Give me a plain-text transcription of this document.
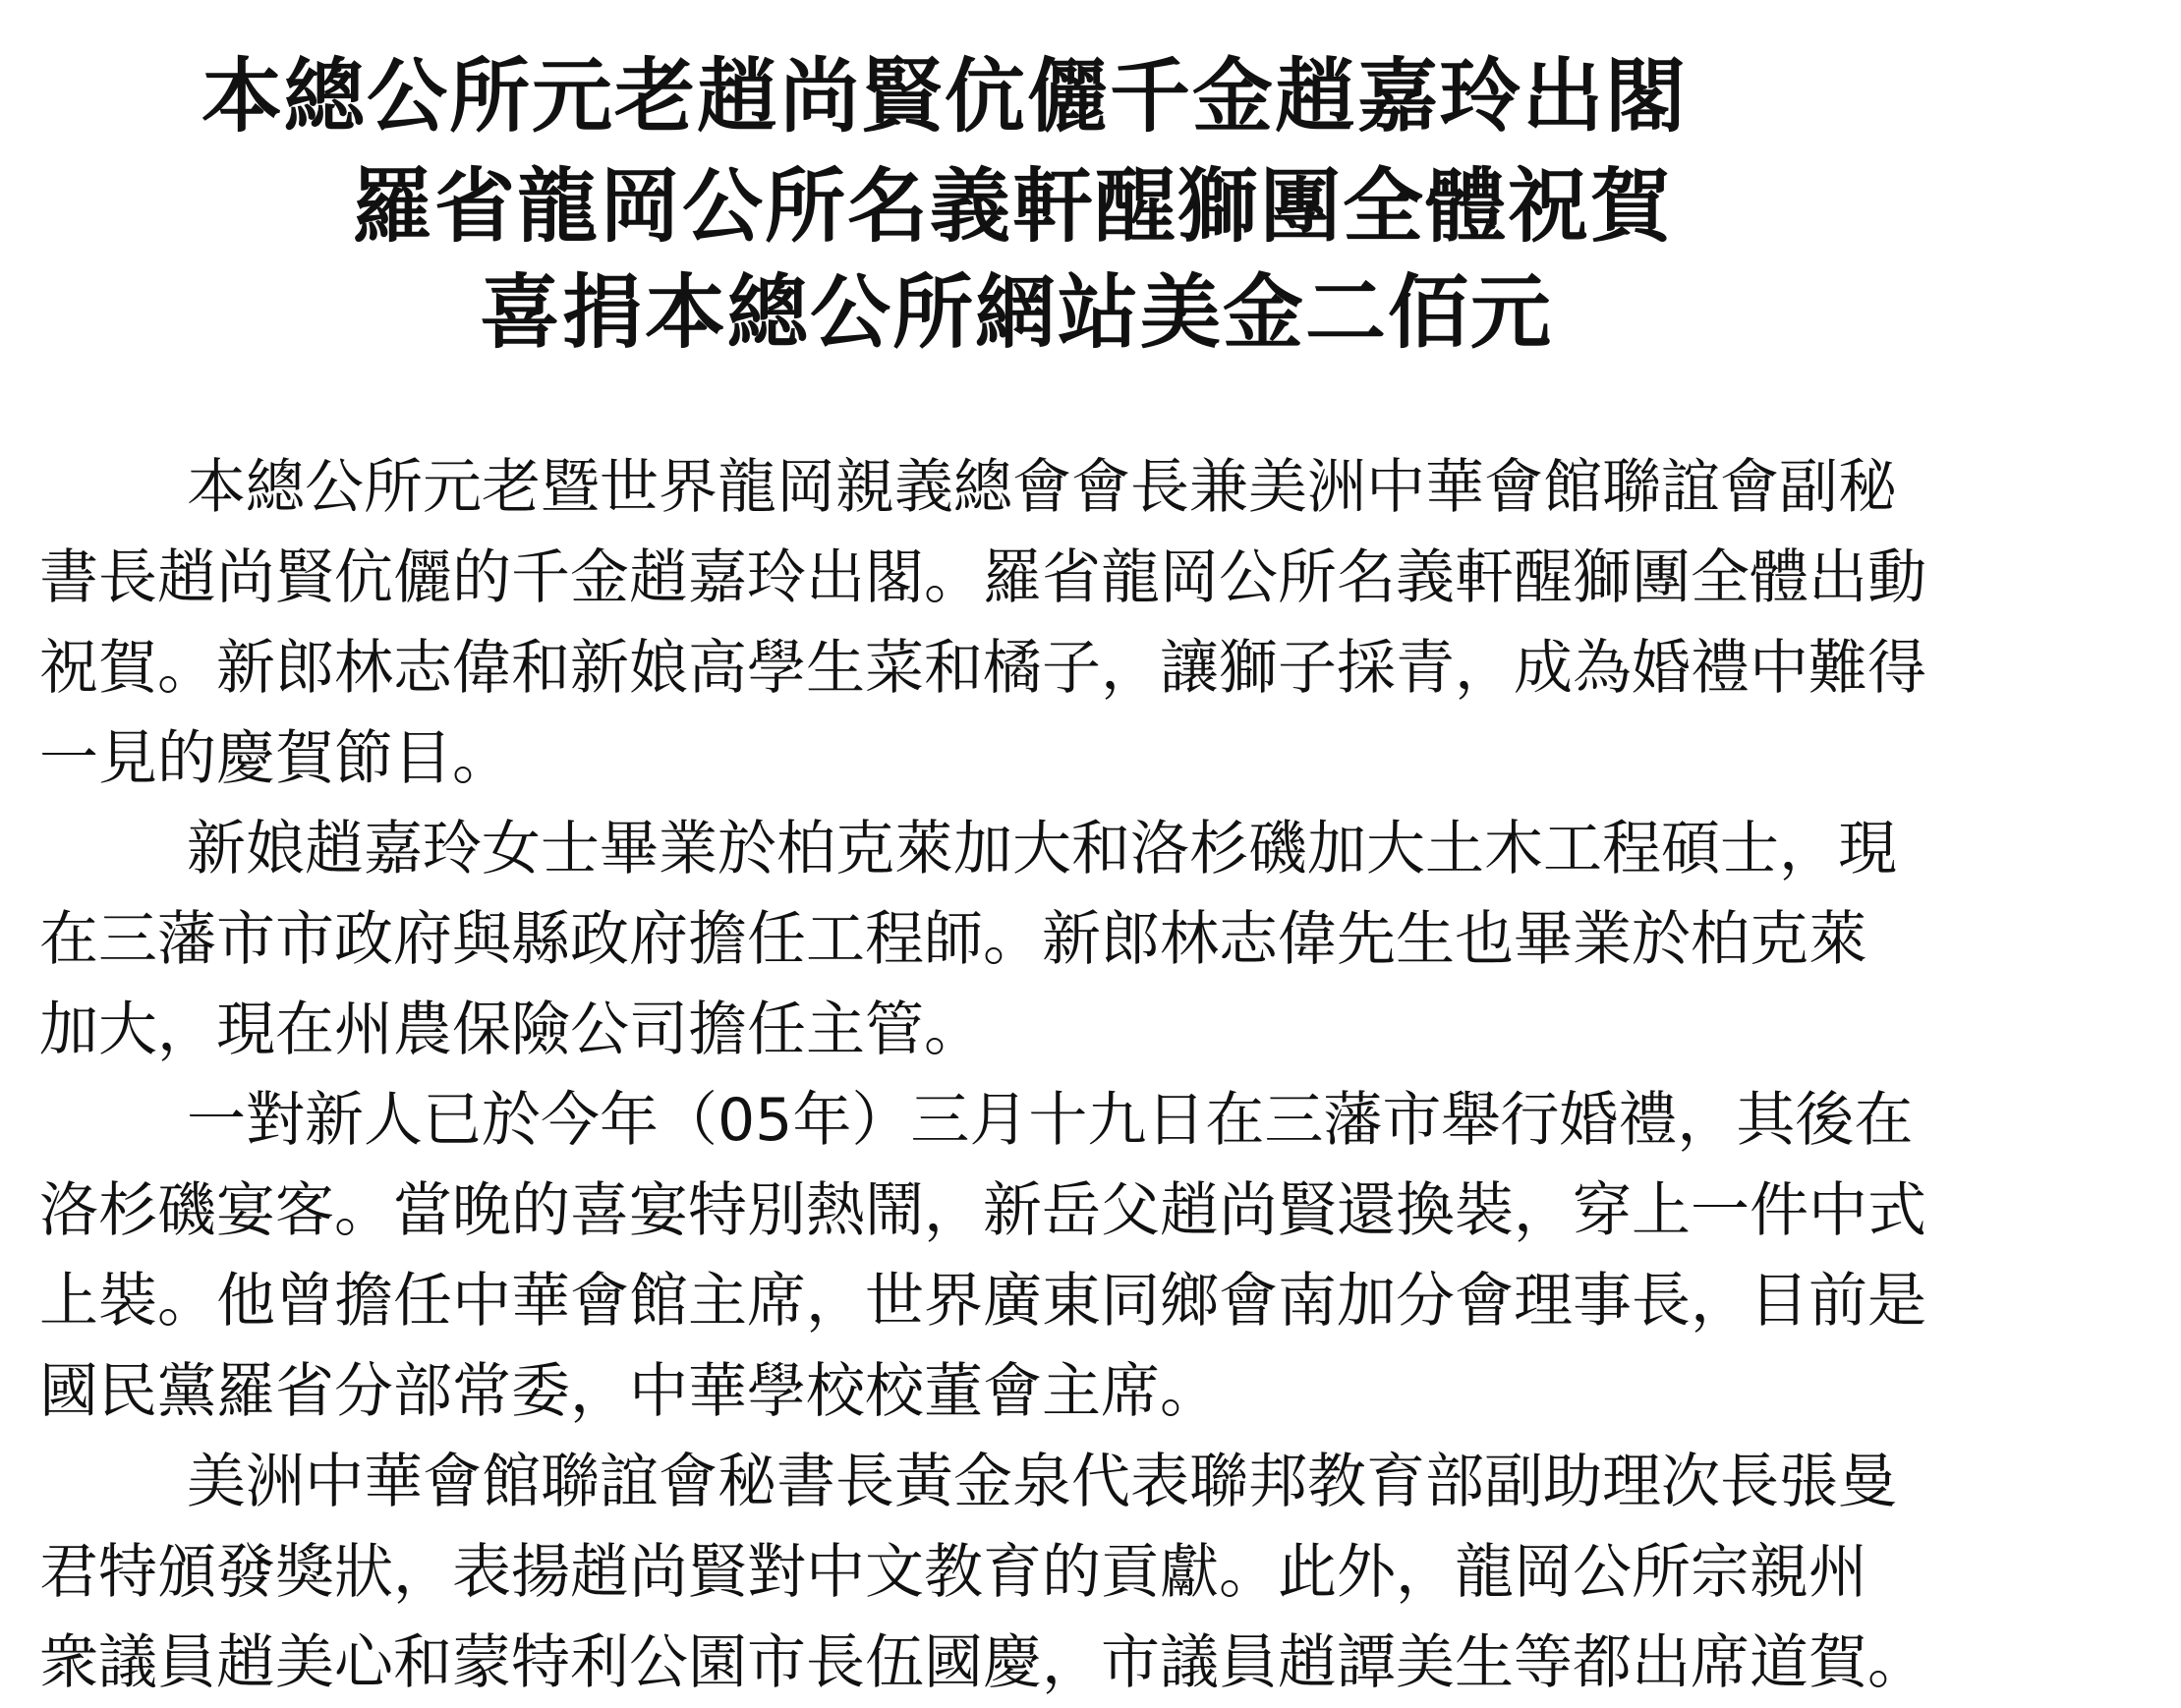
本總公所元老趙尚賢伉儷千金趙嘉玲出閣
羅省龍岡公所名義軒醒獅團全體祝賀
喜捐本總公所網站美金二佰元
本總公所元老暨世界龍岡親義總會會長兼美洲中華會館聯誼會副秘
書長趙尚賢伉儷的千金趙嘉玲出閣。羅省龍岡公所名義軒醒獅團全體出動
祝賀。新郎林志偉和新娘高學生菜和橘子，讓獅子採青，成為婚禮中難得
一見的慶賀節目。
新娘趙嘉玲女士畢業於柏克萊加大和洛杉磯加大土木工程碩士，現
在三藩市市政府與縣政府擔任工程師。新郎林志偉先生也畢業於柏克萊
加大，現在州農保險公司擔任主管。
一對新人已於今年（05年）三月十九日在三藩市舉行婚禮，其後在
洛杉磯宴客。當晚的喜宴特別熱鬧，新岳父趙尚賢還換裝，穿上一件中式
上裝。他曾擔任中華會館主席，世界廣東同鄉會南加分會理事長，目前是
國民黨羅省分部常委，中華學校校董會主席。
美洲中華會館聯誼會秘書長黃金泉代表聯邦教育部副助理次長張曼
君特頒發獎狀，表揚趙尚賢對中文教育的貢獻。此外，龍岡公所宗親州
衆議員趙美心和蒙特利公園市長伍國慶，市議員趙譚美生等都出席道賀。
